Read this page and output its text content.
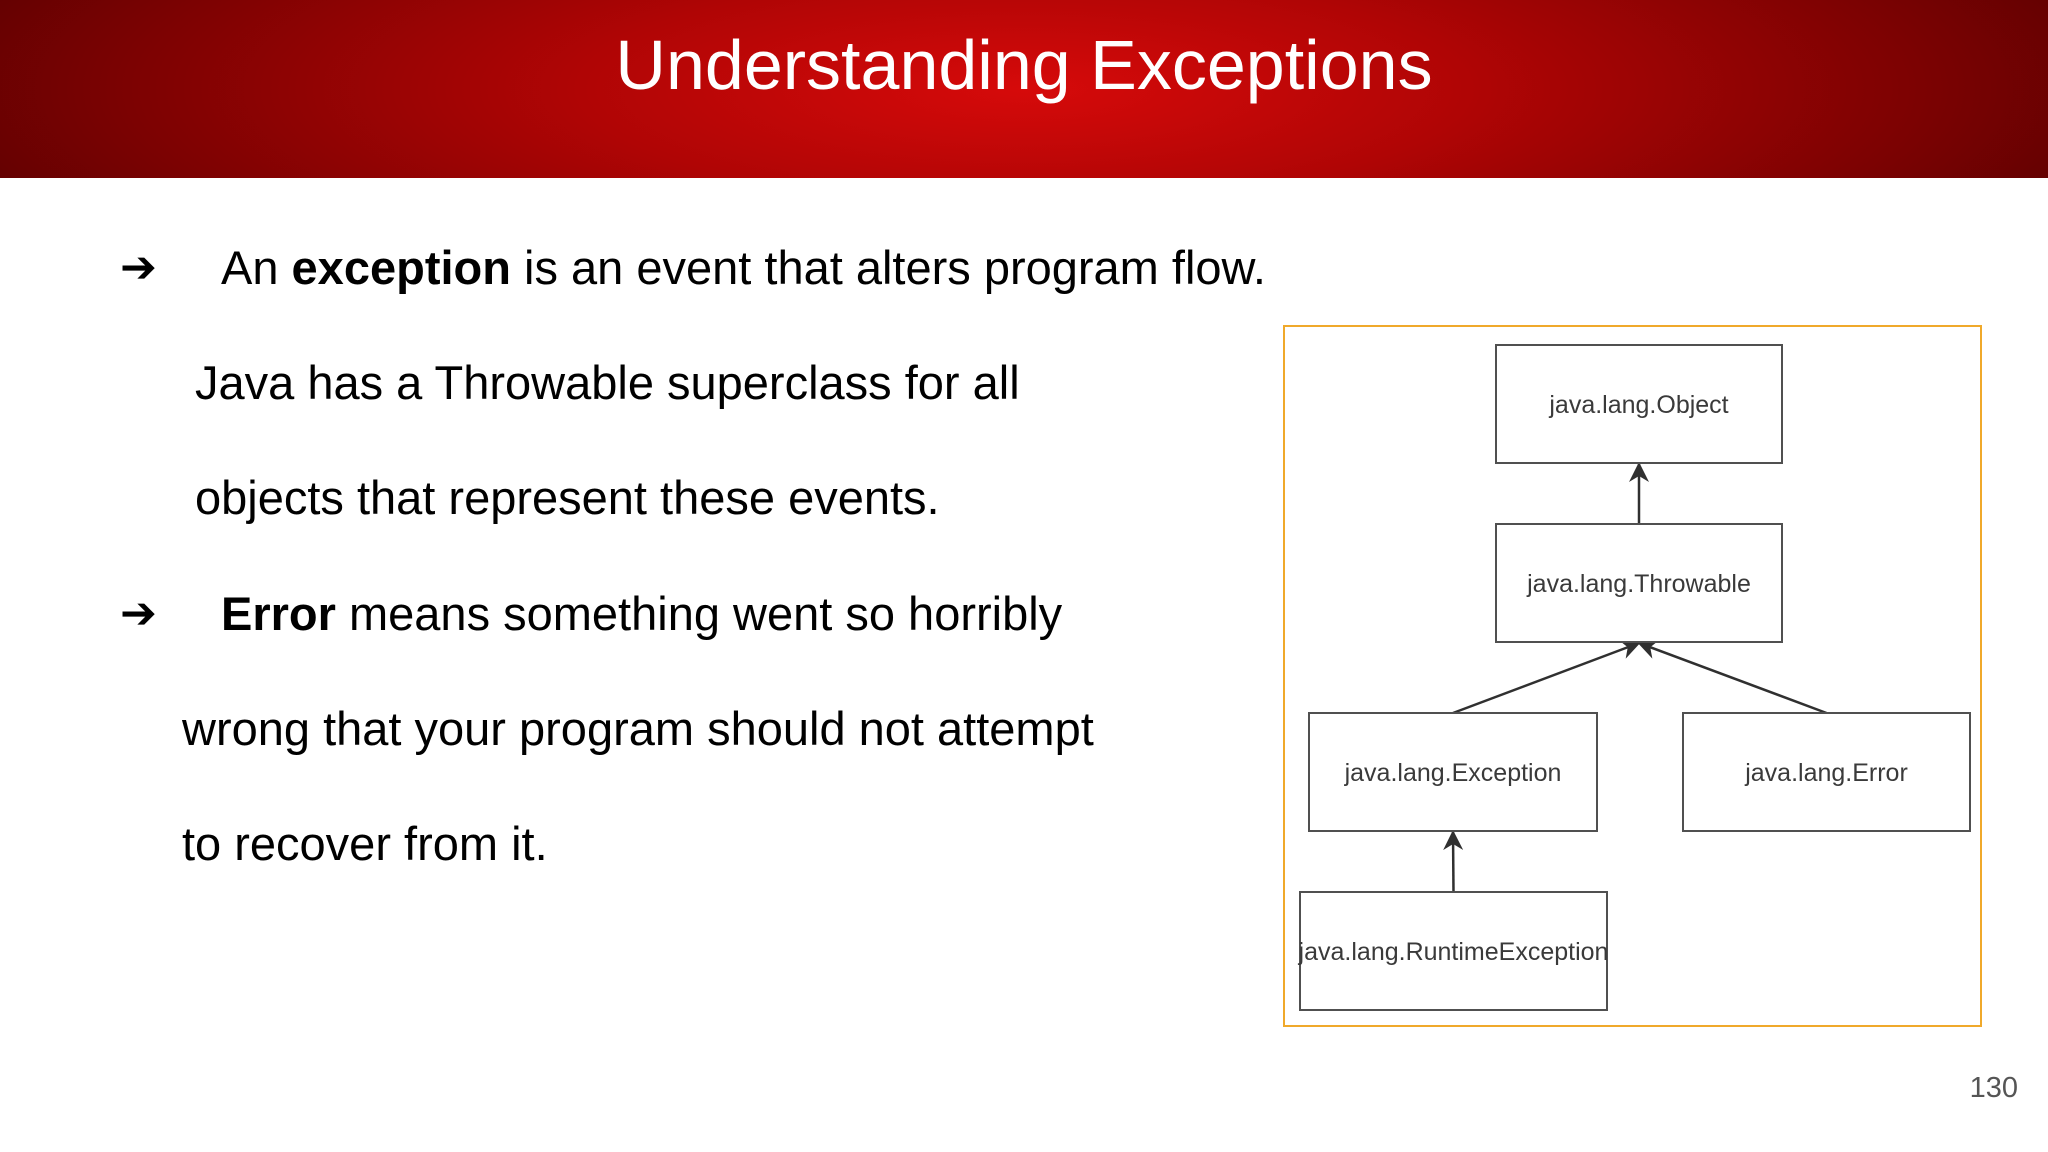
Understanding Exceptions
➔ An exception is an event that alters program flow.
Java has a Throwable superclass for all
objects that represent these events.
➔ Error means something went so horribly
wrong that your program should not attempt
to recover from it.
java.lang.Object
java.lang.Throwable
java.lang.Exception	java.lang.Error
java.lang.RuntimeException
130
